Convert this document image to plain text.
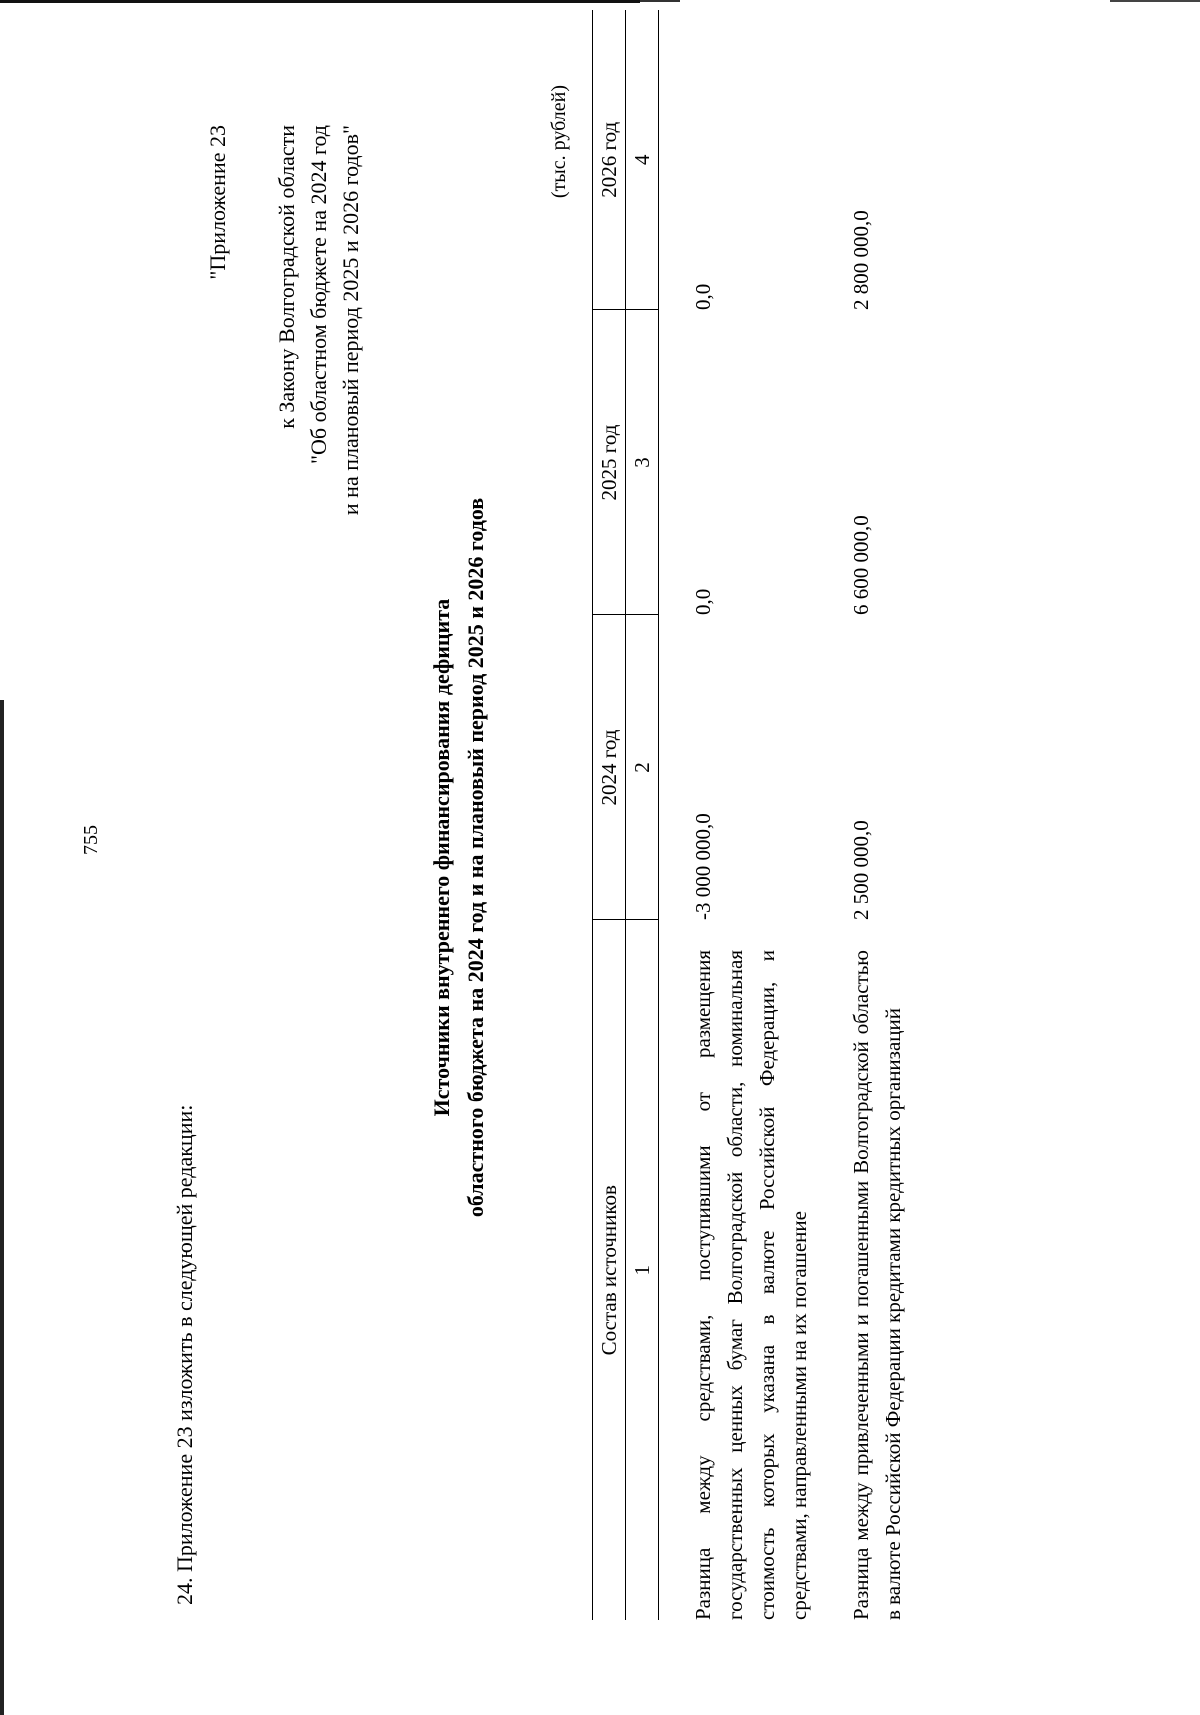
755
24. Приложение 23 изложить в следующей редакции:
"Приложение 23 к Закону Волгоградской области "Об областном бюджете на 2024 год и на плановый период 2025 и 2026 годов"
Источники внутреннего финансирования дефицита областного бюджета на 2024 год и на плановый период 2025 и 2026 годов
(тыс. рублей)
Состав источников	2024 год	2025 год	2026 год
1	2	3	4
Разница между средствами, поступившими от размещения государственных ценных бумаг Волгоградской области, номинальная стоимость которых указана в валюте Российской Федерации, и средствами, направленными на их погашение	-3 000 000,0	0,0	0,0
Разница между привлеченными и погашенными Волгоградской областью в валюте Российской Федерации кредитами кредитных организаций	2 500 000,0	6 600 000,0	2 800 000,0
